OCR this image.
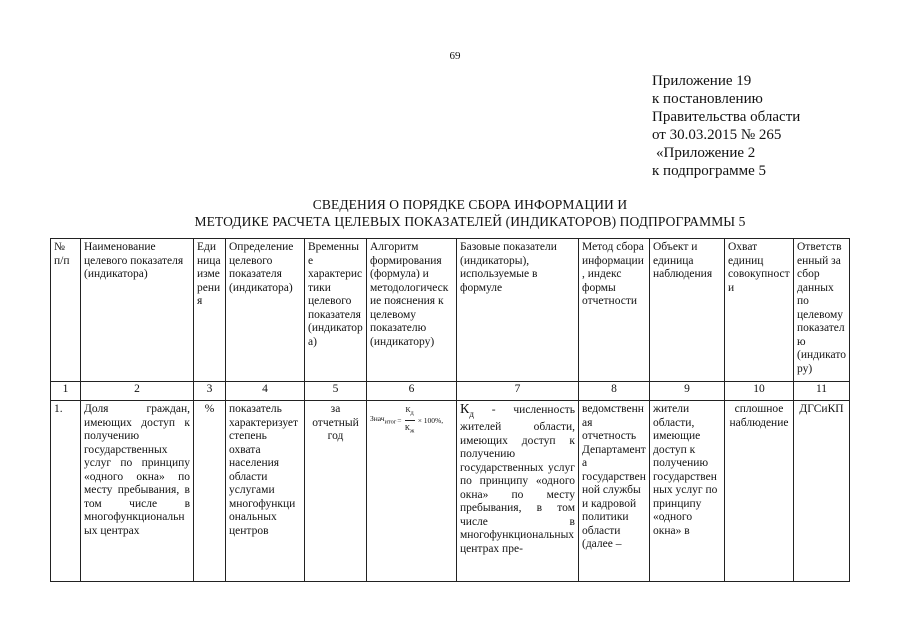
69
Приложение 19
к постановлению
Правительства области
от 30.03.2015 № 265
«Приложение 2
к подпрограмме 5
СВЕДЕНИЯ О ПОРЯДКЕ СБОРА ИНФОРМАЦИИ И
МЕТОДИКЕ РАСЧЕТА ЦЕЛЕВЫХ ПОКАЗАТЕЛЕЙ (ИНДИКАТОРОВ) ПОДПРОГРАММЫ 5
№ п/п	Наименование целевого показателя (индикатора)	Единица измерения	Определение целевого показателя (индикатора)	Временные характеристики целевого показателя (индикатора)	Алгоритм формирования (формула) и методологические пояснения к целевому показателю (индикатору)	Базовые показатели (индикаторы), используемые в формуле	Метод сбора информации, индекс формы отчетности	Объект и единица наблюдения	Охват единиц совокупности	Ответственный за сбор данных по целевому показателю (индикатору)
1	2	3	4	5	6	7	8	9	10	11
1.	Доля граждан, имеющих доступ к получению государственных услуг по принципу «одного окна» по месту пребывания, в том числе в многофункциональных центрах	%	показатель характеризует степень охвата населения области услугами многофункциональных центров	за отчетный год	Знач$_{итог}$ = $\frac{К_д}{К_ж} \times 100\%$,	$К_д$ - численность жителей области, имеющих доступ к получению государственных услуг по принципу «одного окна» по месту пребывания, в том числе в многофункциональных центрах пре-	ведомственная отчетность Департамента государственной службы и кадровой политики области (далее –	жители области, имеющие доступ к получению государственных услуг по принципу «одного окна» в	сплошное наблюдение	ДГСиКП
